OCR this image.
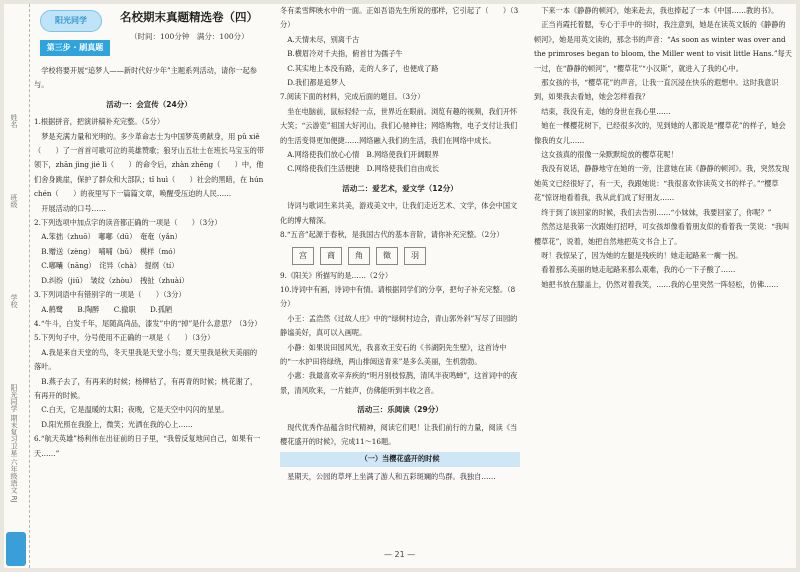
姓名
班级
学校
阳光同学 期末复习卫星 六年级语文 RJ
阳光同学
第三步 · 刷真题
名校期末真题精选卷（四）
（时间：100分钟　满分：100分）

　学校将要开展“追梦人——新时代好少年”主题系列活动，请你一起参与。

活动一：会宣传（24分）

1.根据拼音，把演讲稿补充完整。（5分）

　梦是充满力量和光明的。多少革命志士为中国梦英勇献身，用 pǔ xiě（　　）了一首首可歌可泣的英雄赞歌；狼牙山五壮士在班长马宝玉的带领下，zhān jìng jié lì（　　）的命令后，zhàn zhēng（　　）中，他们舍身跳崖，保护了群众和大部队；tǐ huì（　　）社会的黑暗，在 hún chén（　　）的夜里写下一篇篇文章，唤醒受压迫的人民……

　开展活动的口号……

2.下列选项中加点字的读音都正确的一项是（　　）（3分）

　A.笨拙（zhuō）　嘟嘟（dū）　奄奄（yǎn）

　B.赠送（zèng）　哺哺（bǔ）　模样（mó）

　C.嘟囔（nāng）　诧异（chà）　提纲（tí）

　D.纠纷（jiū）　皱纹（zhòu）　拽扯（zhuài）

3.下列词语中有错别字的一项是（　　）（3分）

　A.鹤鹭　　B.陶醉　　C.撤职　　D.孤陋

4.“牛斗，白发千年，尾随高尚品，漆发”中的“掉”是什么意思？（3分）

5.下列句子中，分号使用不正确的一项是（　　）（3分）

　A.我是来自天堂的鸟，冬天里我是天堂小鸟；夏天里我是秋天美丽的落叶。

　B.燕子去了，有再来的时候；杨柳枯了，有再青的时候；桃花谢了，有再开的时候。

　C.白天，它是温暖的太阳；夜晚，它是天空中闪闪的星星。

　D.阳光照在我脸上，微笑；光洒在我的心上……

6.“航天英雄”杨利伟在出征前的日子里，“我曾反复地问自己，如果有一天……”

冬有柔雪辉映水中的一面。正如吾语先生所说的那样，它引起了（　　）（3分）

　A.天情未尽，别离千古

　B.横眉冷对千夫指，俯首甘为孺子牛

　C.其实地上本没有路，走的人多了，也便成了路

　D.我们都是追梦人

7.阅读下面的材料，完成后面的题目。（3分）

　坐在电脑前，鼠标轻轻一点，世界近在眼前。浏览有趣的视频，我们开怀大笑；“云游览”祖国大好河山，我们心驰神往；网络购物，电子支付让我们的生活变得更加便捷……网络融入我们的生活，我们在网络中成长。

　A.网络使我们放心心情　B.网络使我们开阔眼界

　C.网络使我们生活便捷　D.网络使我们自由成长

活动二：爱艺术，爱文学（12分）

　诗词与歌词生来共美，游戏美文中，让我们走近艺术、文学，体会中国文化的博大精深。

8.“五音”起源于春秋，是我国古代的基本音阶，请你补充完整。（2分）

宫	商	角	徵	羽

9.《阳关》所描写的是……（2分）

10.诗词中有画，诗词中有情。请根据同学们的分享，把句子补充完整。（8分）

　小王：孟浩然《过故人庄》中的“绿树村边合，青山郭外斜”写尽了田园的静谧美好，真可以入画呢。

　小静：如果说田园风光，我喜欢王安石的《书湖阴先生壁》，这首诗中的“一水护田将绿绕，两山排闼送青来”是多么美丽，生机勃勃。

　小惠：我最喜欢辛弃疾的“明月别枝惊鹊，清风半夜鸣蝉”，这首词中的夜景，清风吹来，一片蛙声，仿佛能听到丰收之音。

活动三：乐阅读（29分）

　现代优秀作品蕴含时代精神，阅读它们吧！让我们前行的力量，阅读《当樱花盛开的时候》，完成11～16题。

（一）当樱花盛开的时候

　星期天，公园的草坪上坐满了游人和五彩斑斓的鸟群。我独自……

　下来一本《静静的顿河》，她来赴去，我也捧起了一本《中国……教的书》。

　正当肖霞托着腮，专心于手中的书时，我注意到，她是在读英文版的《静静的顿河》，她是用英文读的，那念书的声音：“As soon as winter was over and the primroses began to bloom, the Miller went to visit little Hans.”每天一过，在“静静的顿河”，“樱草花”“小汉斯”，就进入了我的心中。

　那女孩的书，“樱草花”的声音，让我一直沉浸在快乐的遐想中。这时我意识到，如果我去看她，她会怎样看我？

　结束，我没有走，她的身世在我心里……

　她在一棵樱花树下，已经很多次的，见到她的人都说是“樱草花”的样子，她会像我的女儿……

　这女孩真的很像一朵默默绽放的樱草花呢！

　我没有说话，静静地守在她的一旁，注意她在读《静静的顿河》。我，突然发现她英文已经很好了，有一天，我跟她说：“我很喜欢你读英文书的样子。”“樱草花”惊讶地看着我，我从此们成了好朋友……

　终于到了该回家的时候，我们去告别……“小妹妹，我要回家了，你呢？”

　然然这是我第一次跟她打招呼，可女孩却像看着朋友似的看着我一笑说：“我叫樱草花”，说着，她把自然地把英文书合上了。

　呀！我惊呆了，因为她的左腿是残疾的！她走起路来一瘸一拐。

　看着那么美丽的她走起路来那么艰难，我的心一下子酸了……

　她把书放在膝盖上，仍然对着我笑，……我的心里突然一阵轻松，仿佛……

— 21 —
